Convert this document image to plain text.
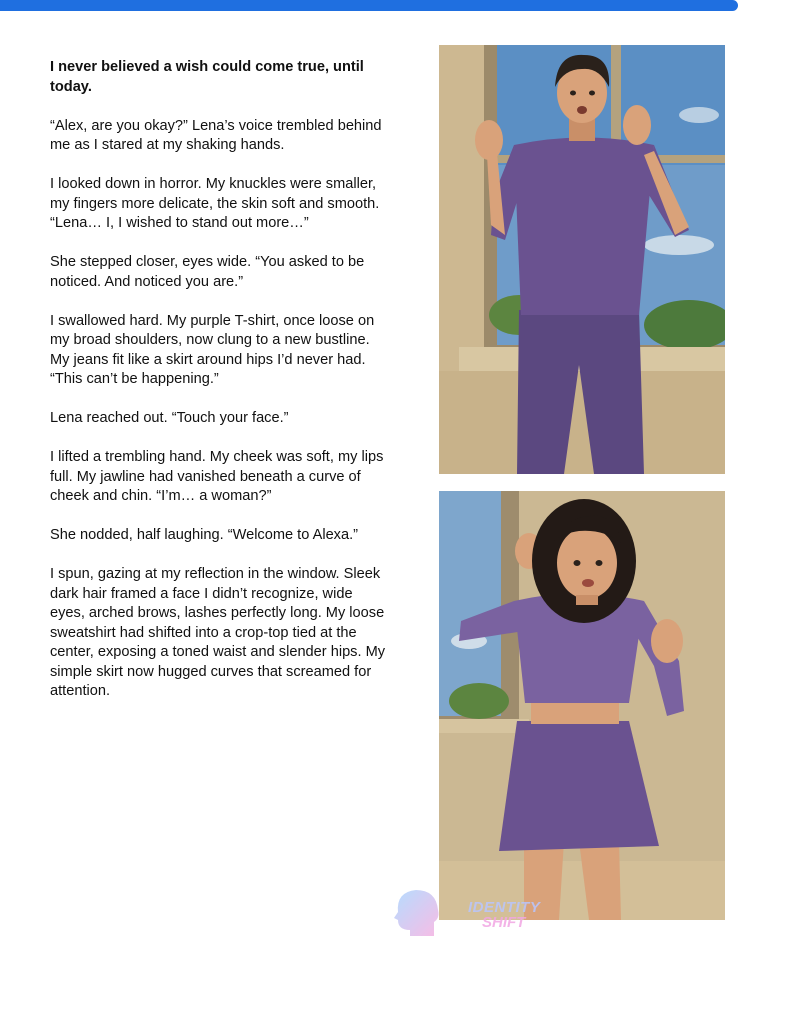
I never believed a wish could come true, until today.

“Alex, are you okay?” Lena’s voice trembled behind me as I stared at my shaking hands.

I looked down in horror. My knuckles were smaller, my fingers more delicate, the skin soft and smooth. “Lena… I, I wished to stand out more…”

She stepped closer, eyes wide. “You asked to be noticed. And noticed you are.”

I swallowed hard. My purple T-shirt, once loose on my broad shoulders, now clung to a new bustline. My jeans fit like a skirt around hips I’d never had. “This can’t be happening.”

Lena reached out. “Touch your face.”

I lifted a trembling hand. My cheek was soft, my lips full. My jawline had vanished beneath a curve of cheek and chin. “I’m… a woman?”

She nodded, half laughing. “Welcome to Alexa.”

I spun, gazing at my reflection in the window. Sleek dark hair framed a face I didn’t recognize, wide eyes, arched brows, lashes perfectly long. My loose sweatshirt had shifted into a crop-top tied at the center, exposing a toned waist and slender hips. My simple skirt now hugged curves that screamed for attention.

IDENTITY
SHIFT
